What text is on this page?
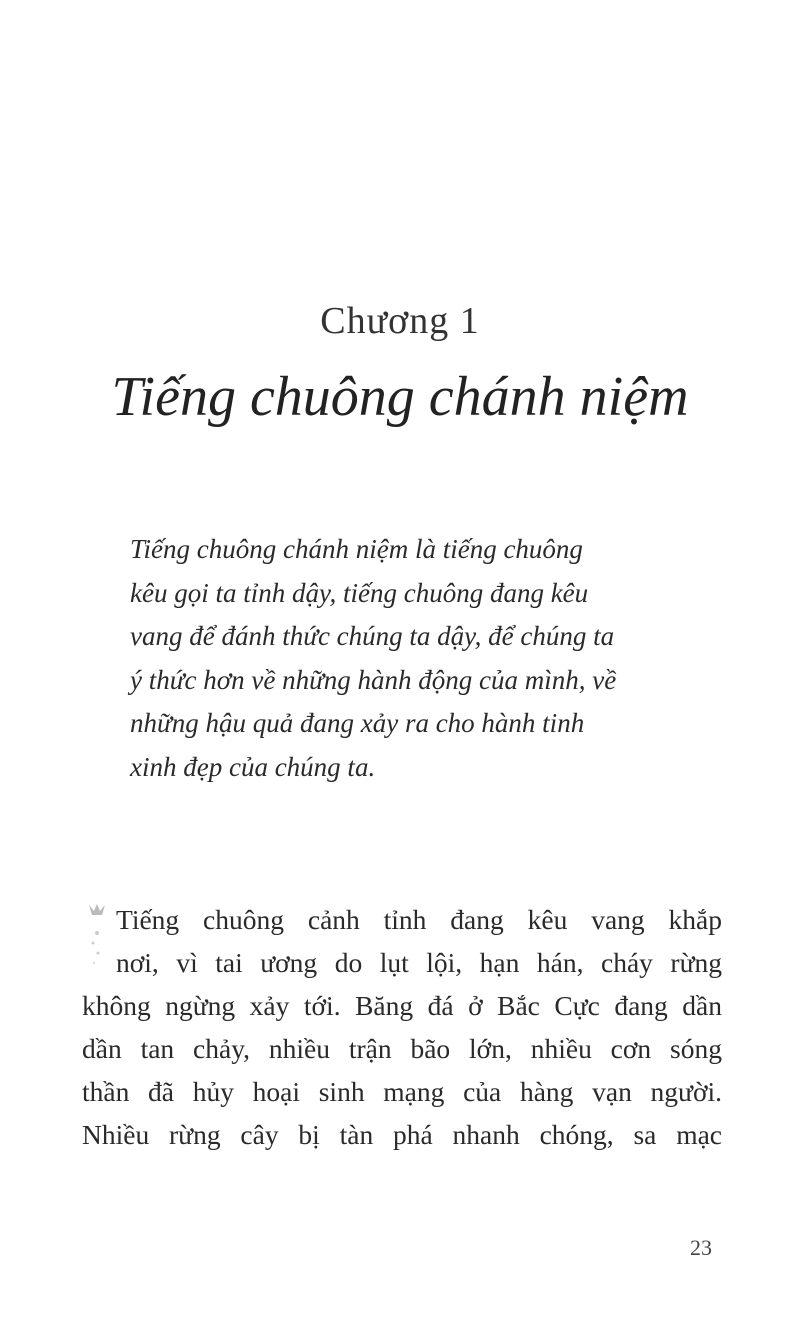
Chương 1
Tiếng chuông chánh niệm
Tiếng chuông chánh niệm là tiếng chuông
kêu gọi ta tỉnh dậy, tiếng chuông đang kêu
vang để đánh thức chúng ta dậy, để chúng ta
ý thức hơn về những hành động của mình, về
những hậu quả đang xảy ra cho hành tinh
xinh đẹp của chúng ta.
Tiếng chuông cảnh tỉnh đang kêu vang khắp
nơi, vì tai ương do lụt lội, hạn hán, cháy rừng
không ngừng xảy tới. Băng đá ở Bắc Cực đang dần
dần tan chảy, nhiều trận bão lớn, nhiều cơn sóng
thần đã hủy hoại sinh mạng của hàng vạn người.
Nhiều rừng cây bị tàn phá nhanh chóng, sa mạc
23
